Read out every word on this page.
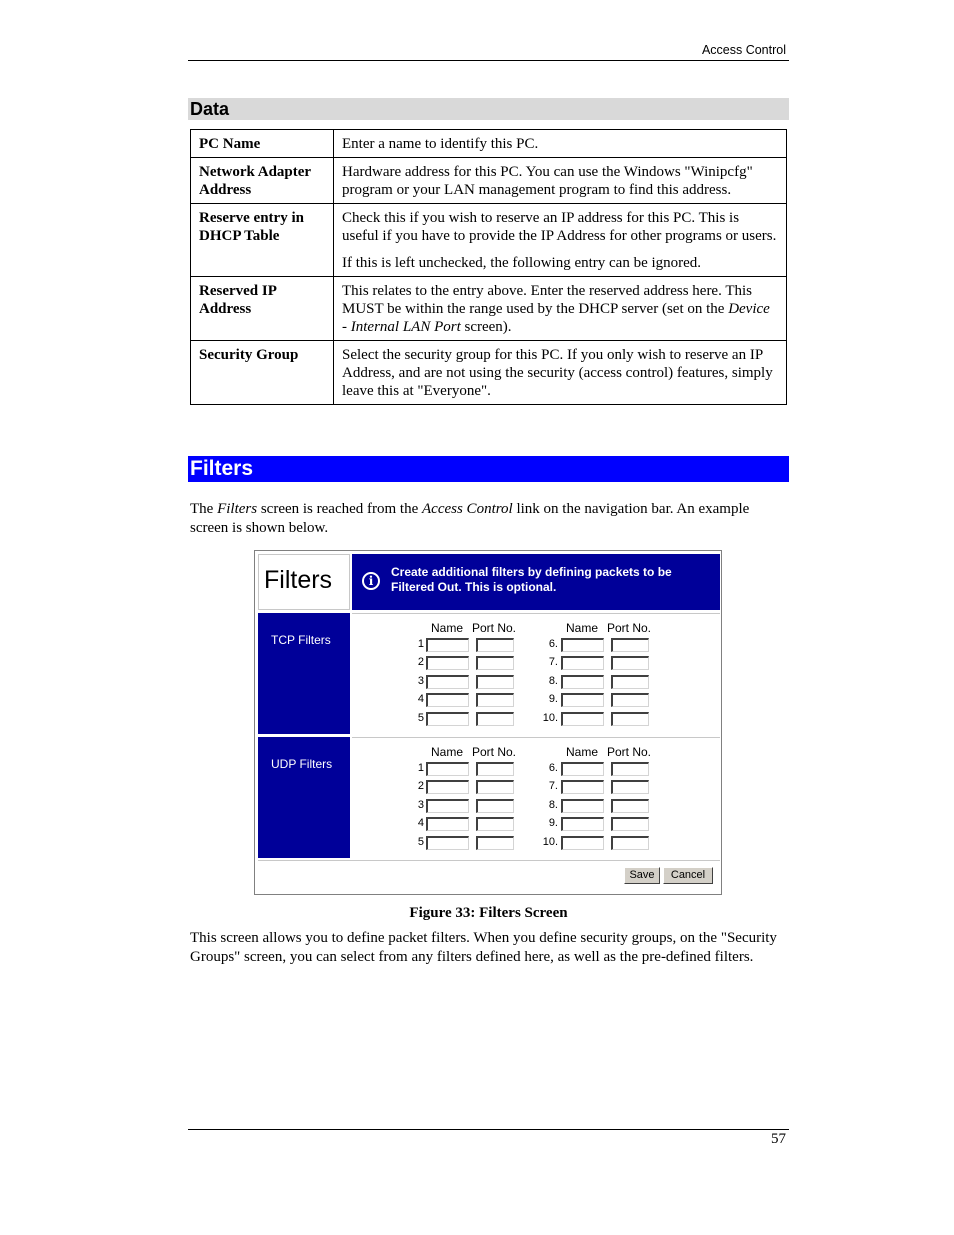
Access Control
Data
PC Name	Enter a name to identify this PC.

Network Adapter Address	Hardware address for this PC. You can use the Windows "Winipcfg" program or your LAN management program to find this address.

Reserve entry in DHCP Table	Check this if you wish to reserve an IP address for this PC. This is useful if you have to provide the IP Address for other programs or users.

If this is left unchecked, the following entry can be ignored.

Reserved IP Address	This relates to the entry above. Enter the reserved address here. This MUST be within the range used by the DHCP server (set on the Device - Internal LAN Port screen).

Security Group	Select the security group for this PC. If you only wish to reserve an IP Address, and are not using the security (access control) features, simply leave this at "Everyone".

Filters
The Filters screen is reached from the Access Control link on the navigation bar. An example screen is shown below.
Filters	i
Create additional filters by defining packets to be
Filtered Out. This is optional.
TCP Filters
Name Port No.	Name Port No.
1
2
3
4
5
6.
7.
8.
9.
10.
UDP Filters
Name Port No.	Name Port No.
1
2
3
4
5
6.
7.
8.
9.
10.
Save	Cancel
Figure 33: Filters Screen
This screen allows you to define packet filters. When you define security groups, on the "Security Groups" screen, you can select from any filters defined here, as well as the pre-defined filters.
57
